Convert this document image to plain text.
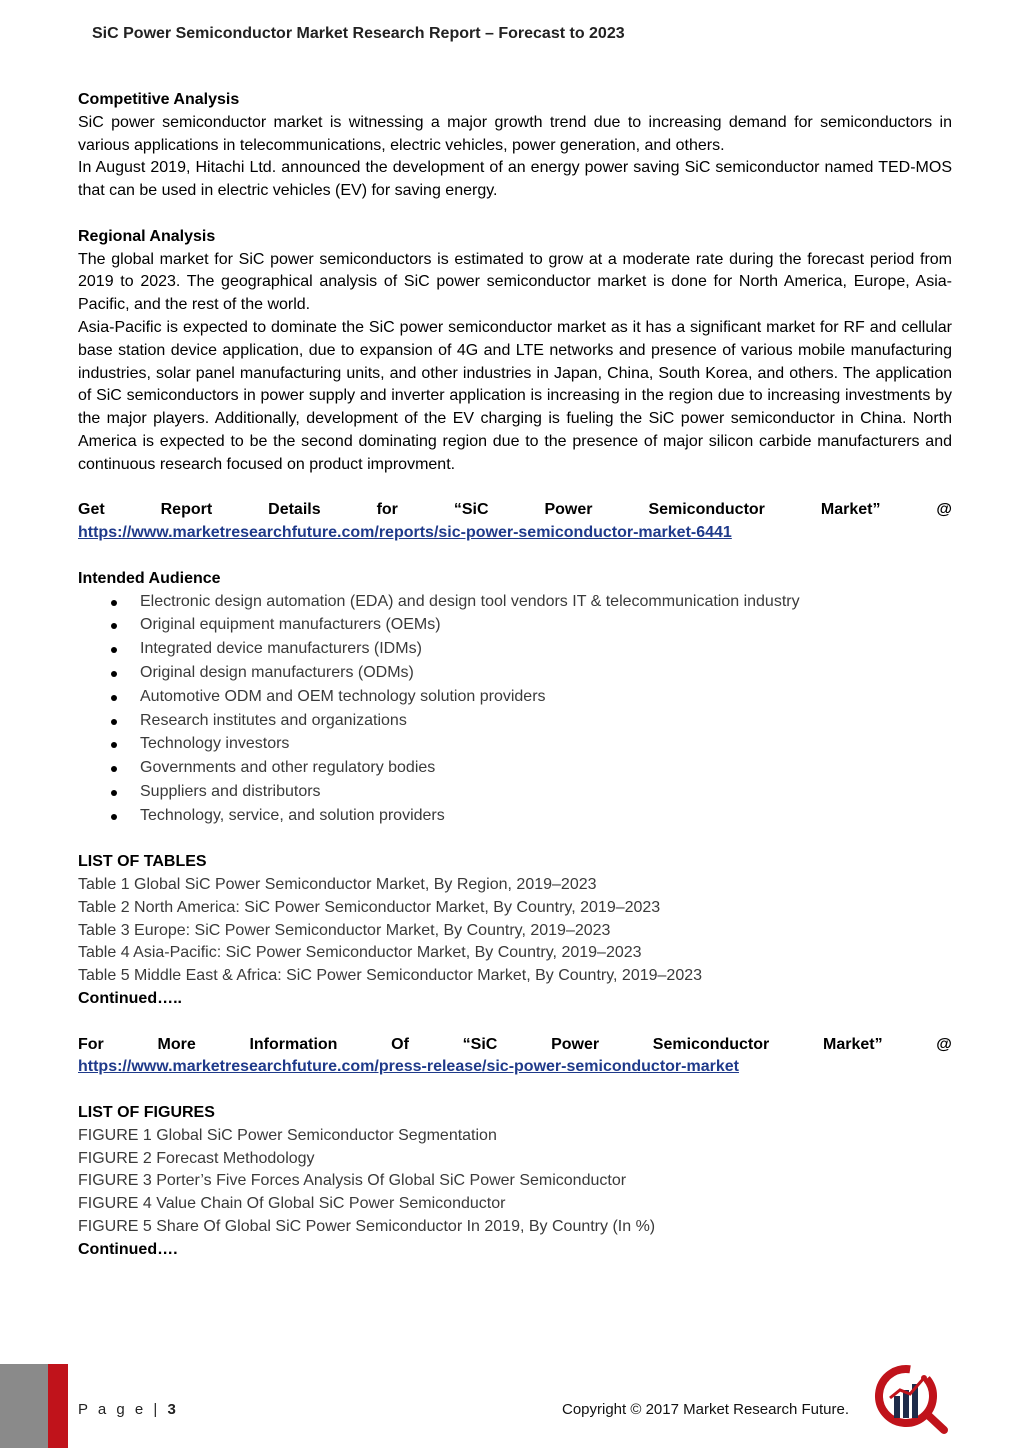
SiC Power Semiconductor Market Research Report – Forecast to 2023

Competitive Analysis

SiC power semiconductor market is witnessing a major growth trend due to increasing demand for semiconductors in various applications in telecommunications, electric vehicles, power generation, and others.

In August 2019, Hitachi Ltd. announced the development of an energy power saving SiC semiconductor named TED-MOS that can be used in electric vehicles (EV) for saving energy.

Regional Analysis

The global market for SiC power semiconductors is estimated to grow at a moderate rate during the forecast period from 2019 to 2023. The geographical analysis of SiC power semiconductor market is done for North America, Europe, Asia-Pacific, and the rest of the world.

Asia-Pacific is expected to dominate the SiC power semiconductor market as it has a significant market for RF and cellular base station device application, due to expansion of 4G and LTE networks and presence of various mobile manufacturing industries, solar panel manufacturing units, and other industries in Japan, China, South Korea, and others. The application of SiC semiconductors in power supply and inverter application is increasing in the region due to increasing investments by the major players. Additionally, development of the EV charging is fueling the SiC power semiconductor in China. North America is expected to be the second dominating region due to the presence of major silicon carbide manufacturers and continuous research focused on product improvment.

Get	Report	Details	for	“SiC	Power	Semiconductor	Market”	@

https://www.marketresearchfuture.com/reports/sic-power-semiconductor-market-6441

Intended Audience

Electronic design automation (EDA) and design tool vendors IT & telecommunication industry
Original equipment manufacturers (OEMs)
Integrated device manufacturers (IDMs)
Original design manufacturers (ODMs)
Automotive ODM and OEM technology solution providers
Research institutes and organizations
Technology investors
Governments and other regulatory bodies
Suppliers and distributors
Technology, service, and solution providers

LIST OF TABLES

Table 1 Global SiC Power Semiconductor Market, By Region, 2019–2023

Table 2 North America: SiC Power Semiconductor Market, By Country, 2019–2023

Table 3 Europe: SiC Power Semiconductor Market, By Country, 2019–2023

Table 4 Asia-Pacific: SiC Power Semiconductor Market, By Country, 2019–2023

Table 5 Middle East & Africa: SiC Power Semiconductor Market, By Country, 2019–2023

Continued…..

For	More	Information	Of	“SiC	Power	Semiconductor	Market”	@

https://www.marketresearchfuture.com/press-release/sic-power-semiconductor-market

LIST OF FIGURES

FIGURE 1 Global SiC Power Semiconductor Segmentation

FIGURE 2 Forecast Methodology

FIGURE 3 Porter’s Five Forces Analysis Of Global SiC Power Semiconductor

FIGURE 4 Value Chain Of Global SiC Power Semiconductor

FIGURE 5 Share Of Global SiC Power Semiconductor In 2019, By Country (In %)

Continued….

P a g e | 3	Copyright © 2017 Market Research Future.
